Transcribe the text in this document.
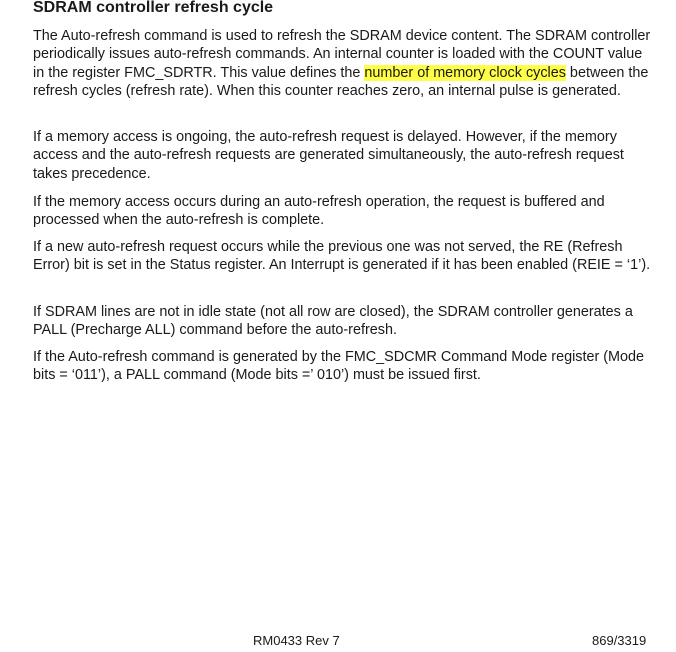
SDRAM controller refresh cycle

The Auto-refresh command is used to refresh the SDRAM device content. The SDRAM controller periodically issues auto-refresh commands. An internal counter is loaded with the COUNT value in the register FMC_SDRTR. This value defines the number of memory clock cycles between the refresh cycles (refresh rate). When this counter reaches zero, an internal pulse is generated.

If a memory access is ongoing, the auto-refresh request is delayed. However, if the memory access and the auto-refresh requests are generated simultaneously, the auto-refresh request takes precedence.

If the memory access occurs during an auto-refresh operation, the request is buffered and processed when the auto-refresh is complete.

If a new auto-refresh request occurs while the previous one was not served, the RE (Refresh Error) bit is set in the Status register. An Interrupt is generated if it has been enabled (REIE = ‘1’).

If SDRAM lines are not in idle state (not all row are closed), the SDRAM controller generates a PALL (Precharge ALL) command before the auto-refresh.

If the Auto-refresh command is generated by the FMC_SDCMR Command Mode register (Mode bits = ‘011’), a PALL command (Mode bits =’ 010’) must be issued first.

RM0433 Rev 7	869/3319
